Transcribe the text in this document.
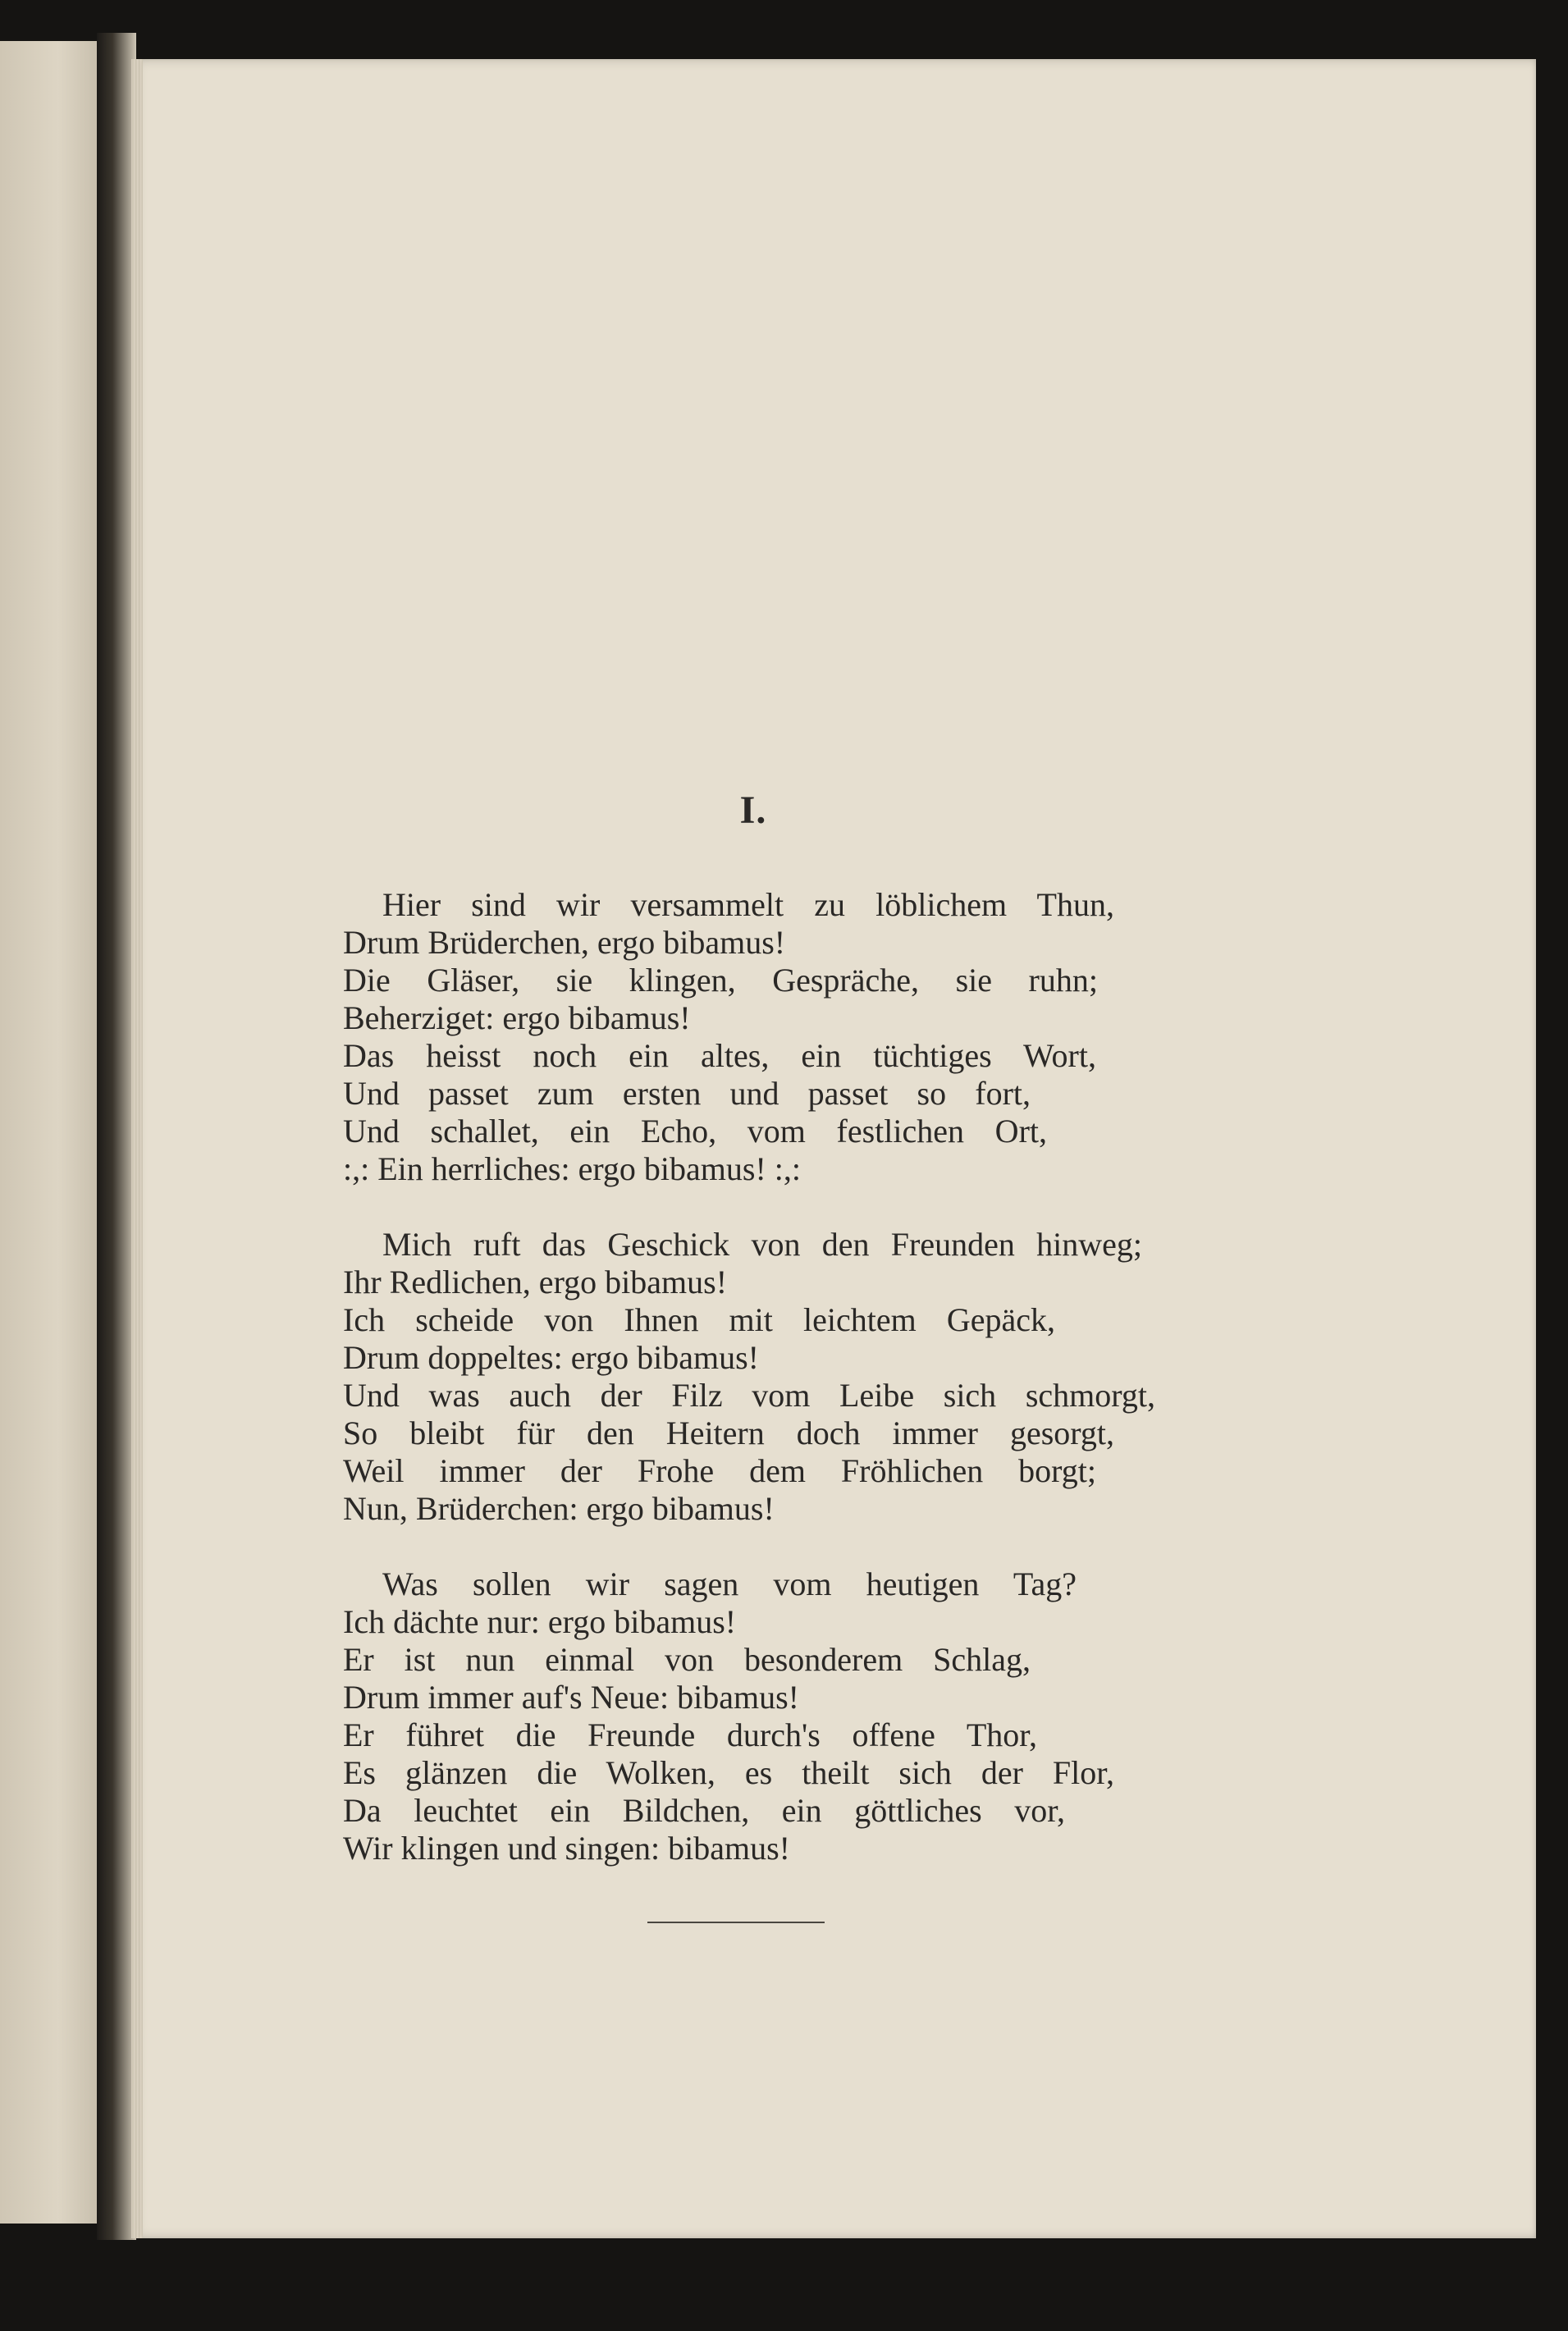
I.
Hier sind wir versammelt zu löblichem Thun,
Drum Brüderchen, ergo bibamus!
Die Gläser, sie klingen, Gespräche, sie ruhn;
Beherziget: ergo bibamus!
Das heisst noch ein altes, ein tüchtiges Wort,
Und passet zum ersten und passet so fort,
Und schallet, ein Echo, vom festlichen Ort,
:,: Ein herrliches: ergo bibamus! :,:
Mich ruft das Geschick von den Freunden hinweg;
Ihr Redlichen, ergo bibamus!
Ich scheide von Ihnen mit leichtem Gepäck,
Drum doppeltes: ergo bibamus!
Und was auch der Filz vom Leibe sich schmorgt,
So bleibt für den Heitern doch immer gesorgt,
Weil immer der Frohe dem Fröhlichen borgt;
Nun, Brüderchen: ergo bibamus!
Was sollen wir sagen vom heutigen Tag?
Ich dächte nur: ergo bibamus!
Er ist nun einmal von besonderem Schlag,
Drum immer auf's Neue: bibamus!
Er führet die Freunde durch's offene Thor,
Es glänzen die Wolken, es theilt sich der Flor,
Da leuchtet ein Bildchen, ein göttliches vor,
Wir klingen und singen: bibamus!
